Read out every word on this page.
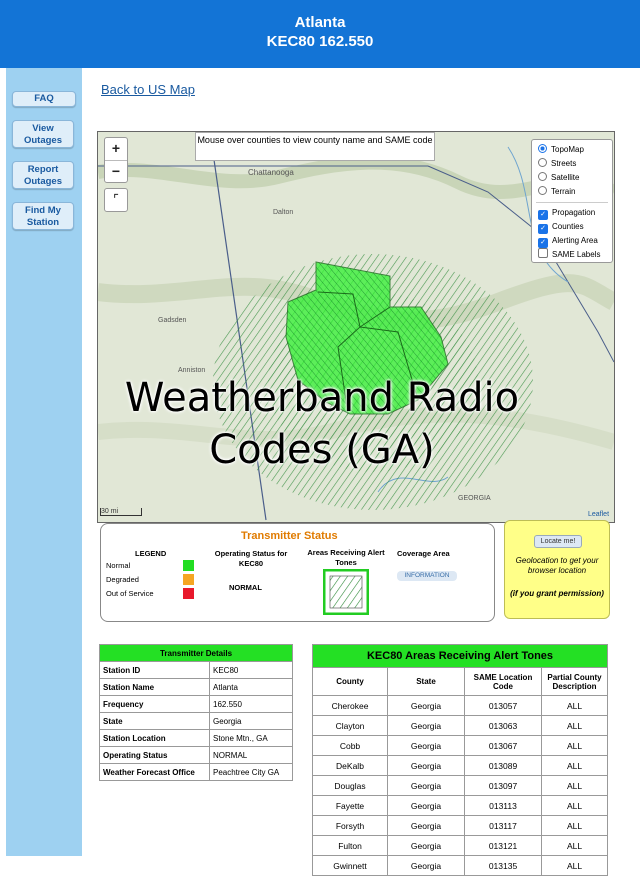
Atlanta
KEC80 162.550
FAQ
View Outages
Report Outages
Find My Station
Back to US Map
Chattanooga
Dalton
Gadsden
Anniston
GEORGIA
+
−
⌜
Mouse over counties to view county name and SAME code
TopoMap
Streets
Satellite
Terrain
✓ Propagation
✓ Counties
✓ Alerting Area
SAME Labels
Weatherband Radio
Codes (GA)
30 mi	Leaflet
Transmitter Status
LEGEND
Normal
Degraded
Out of Service
Operating Status for KEC80
NORMAL
Areas Receiving Alert Tones
Coverage Area
INFORMATION
Locate me!
Geolocation to get your browser location
(if you grant permission)
Transmitter Details	
Station ID	KEC80
Station Name	Atlanta
Frequency	162.550
State	Georgia
Station Location	Stone Mtn., GA
Operating Status	NORMAL
Weather Forecast Office	Peachtree City GA
KEC80 Areas Receiving Alert Tones			
County	State	SAME Location Code	Partial County Description
Cherokee	Georgia	013057	ALL
Clayton	Georgia	013063	ALL
Cobb	Georgia	013067	ALL
DeKalb	Georgia	013089	ALL
Douglas	Georgia	013097	ALL
Fayette	Georgia	013113	ALL
Forsyth	Georgia	013117	ALL
Fulton	Georgia	013121	ALL
Gwinnett	Georgia	013135	ALL
